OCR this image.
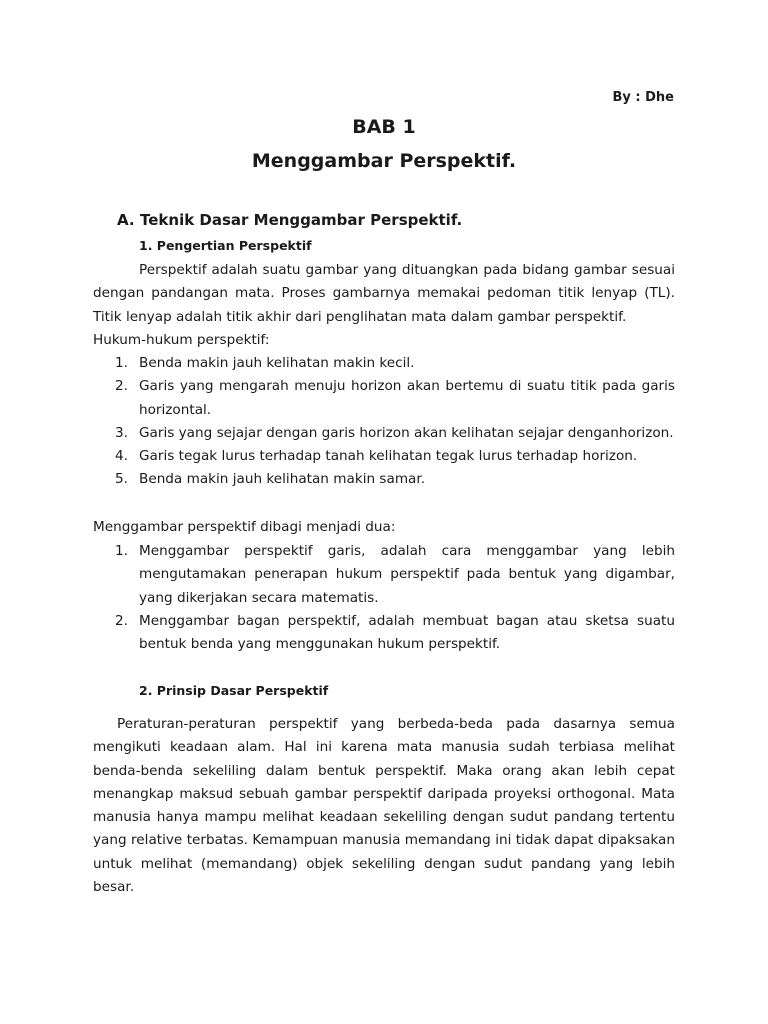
By : Dhe
BAB 1
Menggambar Perspektif.
A. Teknik Dasar Menggambar Perspektif.
1. Pengertian Perspektif
Perspektif adalah suatu gambar yang dituangkan pada bidang gambar sesuai dengan pandangan mata. Proses gambarnya memakai pedoman titik lenyap (TL). Titik lenyap adalah titik akhir dari penglihatan mata dalam gambar perspektif.
Hukum-hukum perspektif:
1. Benda makin jauh kelihatan makin kecil.
2. Garis yang mengarah menuju horizon akan bertemu di suatu titik pada garis horizontal.
3. Garis yang sejajar dengan garis horizon akan kelihatan sejajar denganhorizon.
4. Garis tegak lurus terhadap tanah kelihatan tegak lurus terhadap horizon.
5. Benda makin jauh kelihatan makin samar.
Menggambar perspektif dibagi menjadi dua:
1. Menggambar perspektif garis, adalah cara menggambar yang lebih mengutamakan penerapan hukum perspektif pada bentuk yang digambar, yang dikerjakan secara matematis.
2. Menggambar bagan perspektif, adalah membuat bagan atau sketsa suatu bentuk benda yang menggunakan hukum perspektif.
2. Prinsip Dasar Perspektif
Peraturan-peraturan perspektif yang berbeda-beda pada dasarnya semua mengikuti keadaan alam. Hal ini karena mata manusia sudah terbiasa melihat benda-benda sekeliling dalam bentuk perspektif. Maka orang akan lebih cepat menangkap maksud sebuah gambar perspektif daripada proyeksi orthogonal. Mata manusia hanya mampu melihat keadaan sekeliling dengan sudut pandang tertentu yang relative terbatas. Kemampuan manusia memandang ini tidak dapat dipaksakan untuk melihat (memandang) objek sekeliling dengan sudut pandang yang lebih besar.
